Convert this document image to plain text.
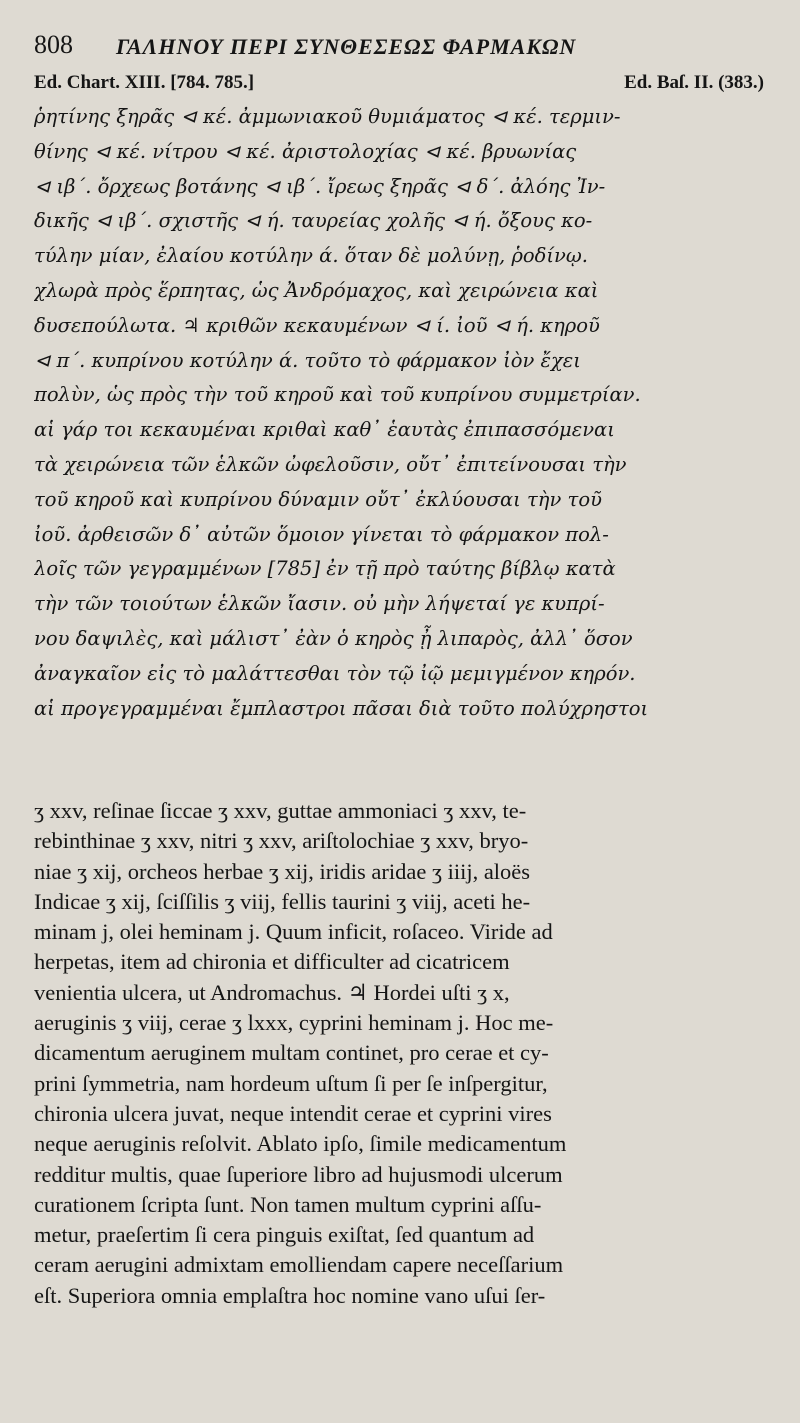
808 ΓΑΛΗΝΟΥ ΠΕΡΙ ΣΥΝΘΕΣΕΩΣ ΦΑΡΜΑΚΩΝ
Ed. Chart. XIII. [784. 785.]	Ed. Baſ. II. (383.)
ῥητίνης ξηρᾶς ⊲ κέ. ἀμμωνιακοῦ θυμιάματος ⊲ κέ. τερμιν-
θίνης ⊲ κέ. νίτρου ⊲ κέ. ἀριστολοχίας ⊲ κέ. βρυωνίας
⊲ ιβ΄. ὄρχεως βοτάνης ⊲ ιβ΄. ἴρεως ξηρᾶς ⊲ δ΄. ἀλόης Ἰν-
δικῆς ⊲ ιβ΄. σχιστῆς ⊲ ή. ταυρείας χολῆς ⊲ ή. ὄξους κο-
τύλην μίαν, ἐλαίου κοτύλην ά. ὅταν δὲ μολύνῃ, ῥοδίνῳ.
χλωρὰ πρὸς ἕρπητας, ὡς Ἀνδρόμαχος, καὶ χειρώνεια καὶ
δυσεπούλωτα. ♃ κριθῶν κεκαυμένων ⊲ ί. ἰοῦ ⊲ ή. κηροῦ
⊲ π΄. κυπρίνου κοτύλην ά. τοῦτο τὸ φάρμακον ἰὸν ἔχει
πολὺν, ὡς πρὸς τὴν τοῦ κηροῦ καὶ τοῦ κυπρίνου συμμετρίαν.
αἱ γάρ τοι κεκαυμέναι κριθαὶ καθ᾽ ἑαυτὰς ἐπιπασσόμεναι
τὰ χειρώνεια τῶν ἑλκῶν ὠφελοῦσιν, οὔτ᾽ ἐπιτείνουσαι τὴν
τοῦ κηροῦ καὶ κυπρίνου δύναμιν οὔτ᾽ ἐκλύουσαι τὴν τοῦ
ἰοῦ. ἀρθεισῶν δ᾽ αὐτῶν ὅμοιον γίνεται τὸ φάρμακον πολ-
λοῖς τῶν γεγραμμένων [785] ἐν τῇ πρὸ ταύτης βίβλῳ κατὰ
τὴν τῶν τοιούτων ἑλκῶν ἴασιν. οὐ μὴν λήψεταί γε κυπρί-
νου δαψιλὲς, καὶ μάλιστ᾽ ἐὰν ὁ κηρὸς ᾖ λιπαρὸς, ἀλλ᾽ ὅσον
ἀναγκαῖον εἰς τὸ μαλάττεσθαι τὸν τῷ ἰῷ μεμιγμένον κηρόν.
αἱ προγεγραμμέναι ἔμπλαστροι πᾶσαι διὰ τοῦτο πολύχρηστοι
ʒ xxv, reſinae ſiccae ʒ xxv, guttae ammoniaci ʒ xxv, te-
rebinthinae ʒ xxv, nitri ʒ xxv, ariſtolochiae ʒ xxv, bryo-
niae ʒ xij, orcheos herbae ʒ xij, iridis aridae ʒ iiij, aloës
Indicae ʒ xij, ſciſſilis ʒ viij, fellis taurini ʒ viij, aceti he-
minam j, olei heminam j. Quum inficit, roſaceo. Viride ad
herpetas, item ad chironia et difficulter ad cicatricem
venientia ulcera, ut Andromachus. ♃ Hordei uſti ʒ x,
aeruginis ʒ viij, cerae ʒ lxxx, cyprini heminam j. Hoc me-
dicamentum aeruginem multam continet, pro cerae et cy-
prini ſymmetria, nam hordeum uſtum ſi per ſe inſpergitur,
chironia ulcera juvat, neque intendit cerae et cyprini vires
neque aeruginis reſolvit. Ablato ipſo, ſimile medicamentum
redditur multis, quae ſuperiore libro ad hujusmodi ulcerum
curationem ſcripta ſunt. Non tamen multum cyprini aſſu-
metur, praeſertim ſi cera pinguis exiſtat, ſed quantum ad
ceram aerugini admixtam emolliendam capere neceſſarium
eſt. Superiora omnia emplaſtra hoc nomine vano uſui ſer-
